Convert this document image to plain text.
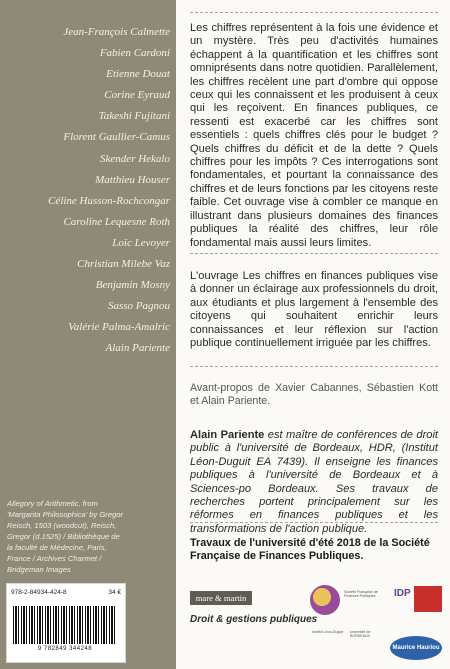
Jean-François Calmette
Fabien Cardoni
Etienne Douat
Corine Eyraud
Takeshi Fujitani
Florent Gaullier-Camus
Skender Hekalo
Matthieu Houser
Céline Husson-Rochcongar
Caroline Lequesne Roth
Loïc Levoyer
Christian Milebe Vaz
Benjamin Mosny
Sasso Pagnou
Valérie Palma-Amalric
Alain Pariente
Allegory of Arithmetic, from 'Margarita Philosophica' by Gregor Reisch, 1503 (woodcut), Reisch, Gregor (d.1525) / Bibliothèque de la faculté de Médecine, Paris, France / Archives Charmet / Bridgeman Images
978-2-84934-424-8	34 €
9 782849 344248
Les chiffres représentent à la fois une évidence et un mystère. Très peu d'activités humaines échappent à la quantification et les chiffres sont omniprésents dans notre quotidien. Parallèlement, les chiffres recèlent une part d'ombre qui oppose ceux qui les connaissent et les produisent à ceux qui les reçoivent. En finances publiques, ce ressenti est exacerbé car les chiffres sont essentiels : quels chiffres clés pour le budget ? Quels chiffres du déficit et de la dette ? Quels chiffres pour les impôts ? Ces interrogations sont fondamentales, et pourtant la connaissance des chiffres et de leurs fonctions par les citoyens reste faible. Cet ouvrage vise à combler ce manque en illustrant dans plusieurs domaines des finances publiques la réalité des chiffres, leur rôle fondamental mais aussi leurs limites.
L'ouvrage Les chiffres en finances publiques vise à donner un éclairage aux professionnels du droit, aux étudiants et plus largement à l'ensemble des citoyens qui souhaitent enrichir leurs connaissances et leur réflexion sur l'action publique continuellement irriguée par les chiffres.
Avant-propos de Xavier Cabannes, Sébastien Kott et Alain Pariente.
Alain Pariente est maître de conférences de droit public à l'université de Bordeaux, HDR, (Institut Léon-Duguit EA 7439). Il enseigne les finances publiques à l'université de Bordeaux et à Sciences-po Bordeaux. Ses travaux de recherches portent principalement sur les réformes en finances publiques et les transformations de l'action publique.
Travaux de l'université d'été 2018 de la Société Française de Finances Publiques.
mare & martin
Droit & gestions publiques
Société Française de Finances Publiques	IDP
Institut Léon-Duguit	université de BORDEAUX
Maurice Hauriou
